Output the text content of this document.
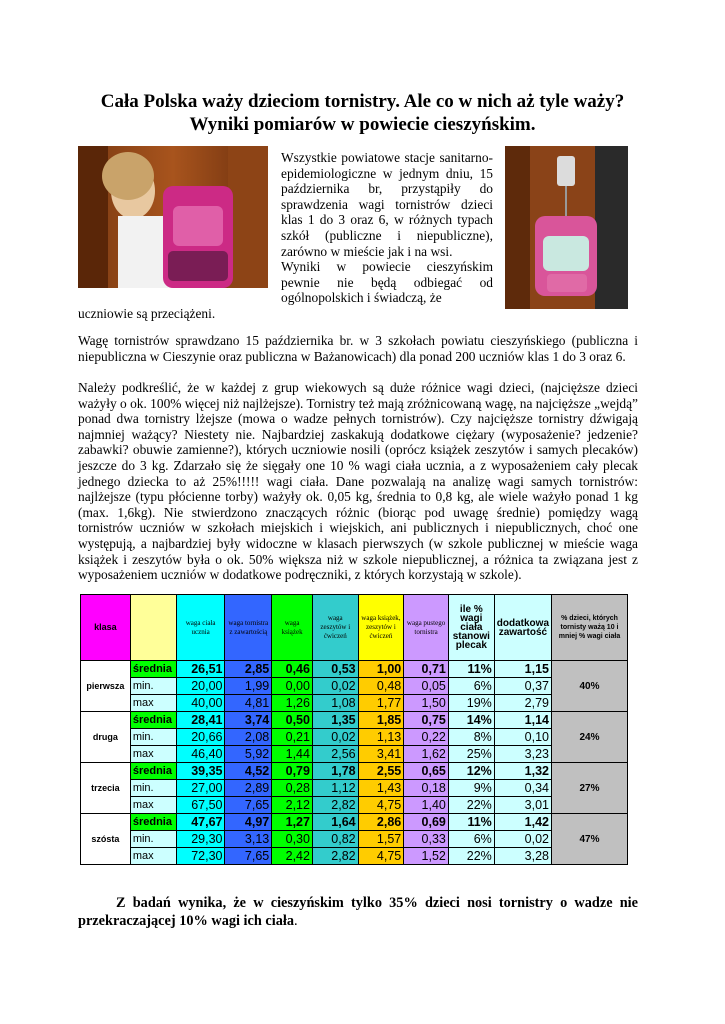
Cała Polska waży dzieciom tornistry. Ale co w nich aż tyle waży?
Wyniki pomiarów w powiecie cieszyńskim.
Wszystkie powiatowe stacje sanitarno-epidemiologiczne w jednym dniu, 15 października br, przystąpiły do sprawdzenia wagi tornistrów dzieci klas 1 do 3 oraz 6, w różnych typach szkół (publiczne i niepubliczne), zarówno w mieście jak i na wsi.
Wyniki w powiecie cieszyńskim pewnie nie będą odbiegać od ogólnopolskich i świadczą, że
uczniowie są przeciążeni.
Wagę tornistrów sprawdzano 15 października br. w 3 szkołach powiatu cieszyńskiego (publiczna i niepubliczna w Cieszynie oraz publiczna w Bażanowicach) dla ponad 200 uczniów klas 1 do 3 oraz 6.
Należy podkreślić, że w każdej z grup wiekowych są duże różnice wagi dzieci, (najcięższe dzieci ważyły o ok. 100% więcej niż najlżejsze). Tornistry też mają zróżnicowaną wagę, na najcięższe „wejdą” ponad dwa tornistry lżejsze (mowa o wadze pełnych tornistrów). Czy najcięższe tornistry dźwigają najmniej ważący? Niestety nie. Najbardziej zaskakują dodatkowe ciężary (wyposażenie? jedzenie? zabawki? obuwie zamienne?), których uczniowie nosili (oprócz książek zeszytów i samych plecaków) jeszcze do 3 kg. Zdarzało się że sięgały one 10 % wagi ciała ucznia, a z wyposażeniem cały plecak jednego dziecka to aż 25%!!!!! wagi ciała. Dane pozwalają na analizę wagi samych tornistrów: najlżejsze (typu płócienne torby) ważyły ok. 0,05 kg, średnia to 0,8 kg, ale wiele ważyło ponad 1 kg (max. 1,6kg). Nie stwierdzono znaczących różnic (biorąc pod uwagę średnie) pomiędzy wagą tornistrów uczniów w szkołach miejskich i wiejskich, ani publicznych i niepublicznych, choć one występują, a najbardziej były widoczne w klasach pierwszych (w szkole publicznej w mieście waga książek i zeszytów była o ok. 50% większa niż w szkole niepublicznej, a różnica ta związana jest z wyposażeniem uczniów w dodatkowe podręczniki, z których korzystają w szkole).
klasa		waga ciała ucznia	waga tornistra z zawartością	waga książek	waga zeszytów i ćwiczeń	waga książek, zeszytów i ćwiczeń	waga pustego tornistra	ile % wagi ciała stanowi plecak	dodatkowa zawartość	% dzieci, których tornisty ważą 10 i mniej % wagi ciała
pierwsza	średnia	26,51	2,85	0,46	0,53	1,00	0,71	11%	1,15	40%
	min.	20,00	1,99	0,00	0,02	0,48	0,05	6%	0,37	
	max	40,00	4,81	1,26	1,08	1,77	1,50	19%	2,79	
druga	średnia	28,41	3,74	0,50	1,35	1,85	0,75	14%	1,14	24%
	min.	20,66	2,08	0,21	0,02	1,13	0,22	8%	0,10	
	max	46,40	5,92	1,44	2,56	3,41	1,62	25%	3,23	
trzecia	średnia	39,35	4,52	0,79	1,78	2,55	0,65	12%	1,32	27%
	min.	27,00	2,89	0,28	1,12	1,43	0,18	9%	0,34	
	max	67,50	7,65	2,12	2,82	4,75	1,40	22%	3,01	
szósta	średnia	47,67	4,97	1,27	1,64	2,86	0,69	11%	1,42	47%
	min.	29,30	3,13	0,30	0,82	1,57	0,33	6%	0,02	
	max	72,30	7,65	2,42	2,82	4,75	1,52	22%	3,28	
Z badań wynika, że w cieszyńskim tylko 35% dzieci nosi tornistry o wadze nie przekraczającej 10% wagi ich ciała.
